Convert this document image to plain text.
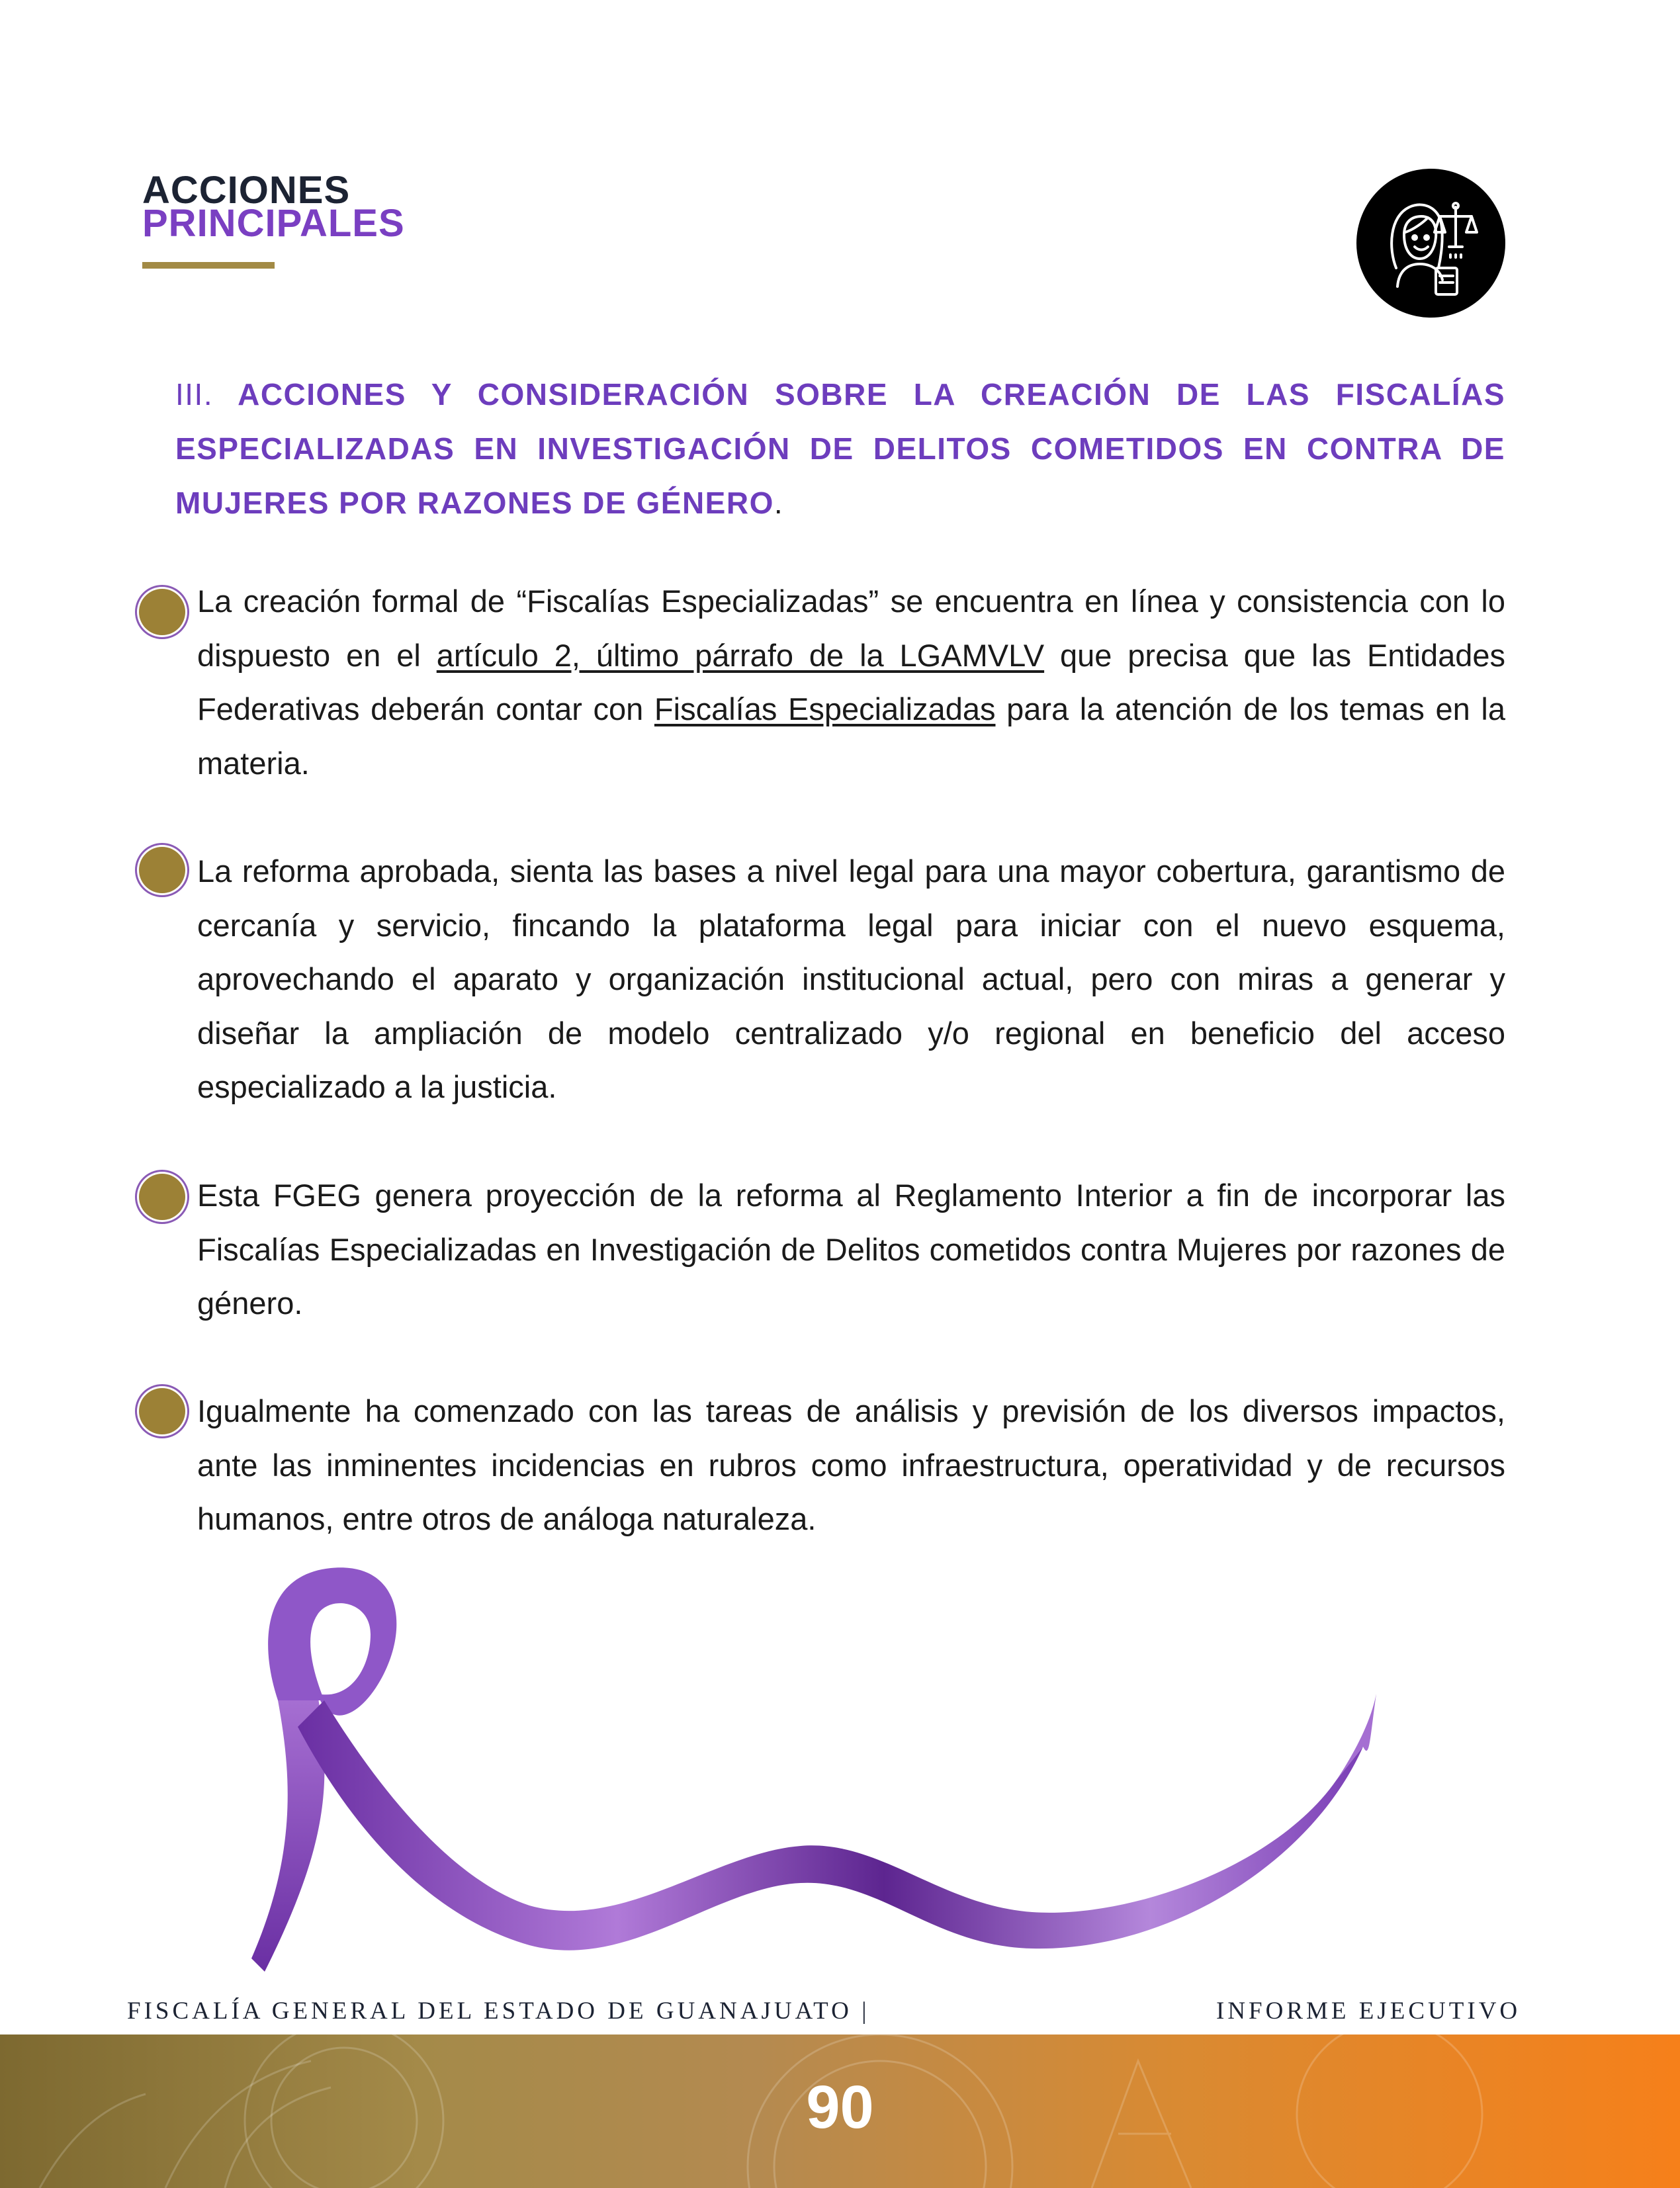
ACCIONES
PRINCIPALES
III. ACCIONES Y CONSIDERACIÓN SOBRE LA CREACIÓN DE LAS FISCALÍAS ESPECIALIZADAS EN INVESTIGACIÓN DE DELITOS COMETIDOS EN CONTRA DE MUJERES POR RAZONES DE GÉNERO.
La creación formal de “Fiscalías Especializadas” se encuentra en línea y consistencia con lo dispuesto en el artículo 2, último párrafo de la LGAMVLV que precisa que las Entidades Federativas deberán contar con Fiscalías Especializadas para la atención de los temas en la materia.
La reforma aprobada, sienta las bases a nivel legal para una mayor cobertura, garantismo de cercanía y servicio, fincando la plataforma legal para iniciar con el nuevo esquema, aprovechando el aparato y organización institucional actual, pero con miras a generar y diseñar la ampliación de modelo centralizado y/o regional en beneficio del acceso especializado a la justicia.
Esta FGEG genera proyección de la reforma al Reglamento Interior a fin de incorporar las Fiscalías Especializadas en Investigación de Delitos cometidos contra Mujeres por razones de género.
Igualmente ha comenzado con las tareas de análisis y previsión de los diversos impactos, ante las inminentes incidencias en rubros como infraestructura, operatividad y de recursos humanos, entre otros de análoga naturaleza.
FISCALÍA GENERAL DEL ESTADO DE GUANAJUATO |	INFORME EJECUTIVO
90
